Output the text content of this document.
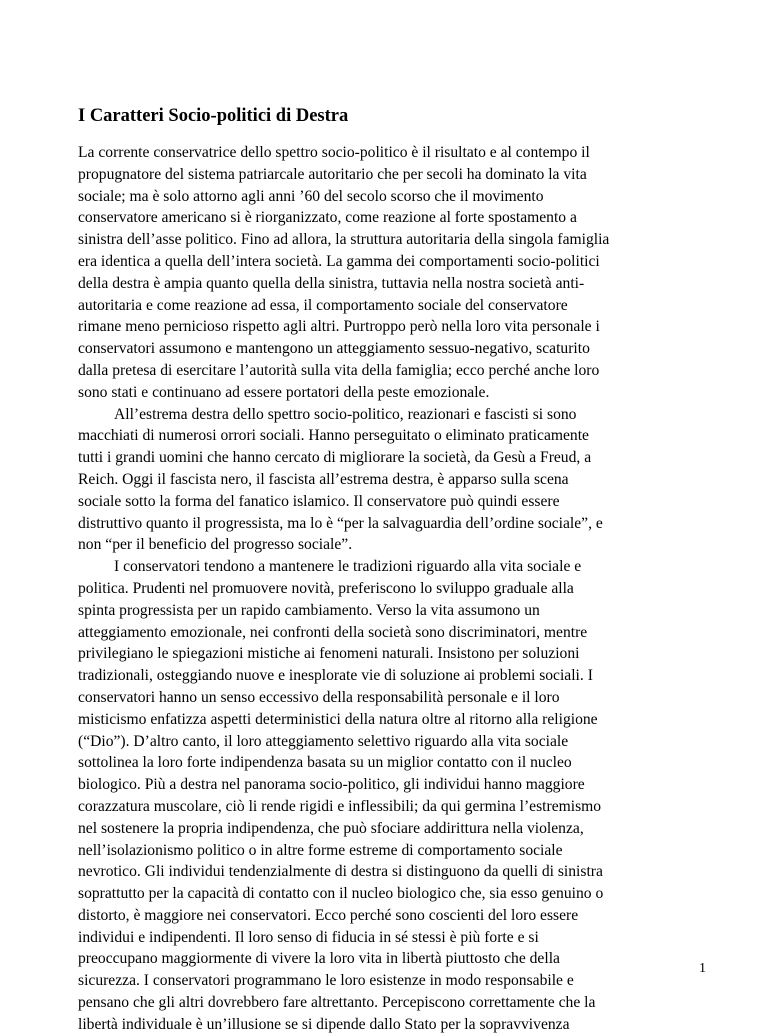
I Caratteri Socio-politici di Destra
La corrente conservatrice dello spettro socio-politico è il risultato e al contempo il
propugnatore del sistema patriarcale autoritario che per secoli ha dominato la vita
sociale; ma è solo attorno agli anni ’60 del secolo scorso che il movimento
conservatore americano si è riorganizzato, come reazione al forte spostamento a
sinistra dell’asse politico. Fino ad allora, la struttura autoritaria della singola famiglia
era identica a quella dell’intera società. La gamma dei comportamenti socio-politici
della destra è ampia quanto quella della sinistra, tuttavia nella nostra società anti-
autoritaria e come reazione ad essa, il comportamento sociale del conservatore
rimane meno pernicioso rispetto agli altri. Purtroppo però nella loro vita personale i
conservatori assumono e mantengono un atteggiamento sessuo-negativo, scaturito
dalla pretesa di esercitare l’autorità sulla vita della famiglia; ecco perché anche loro
sono stati e continuano ad essere portatori della peste emozionale.
All’estrema destra dello spettro socio-politico, reazionari e fascisti si sono
macchiati di numerosi orrori sociali. Hanno perseguitato o eliminato praticamente
tutti i grandi uomini che hanno cercato di migliorare la società, da Gesù a Freud, a
Reich. Oggi il fascista nero, il fascista all’estrema destra, è apparso sulla scena
sociale sotto la forma del fanatico islamico. Il conservatore può quindi essere
distruttivo quanto il progressista, ma lo è “per la salvaguardia dell’ordine sociale”, e
non “per il beneficio del progresso sociale”.
I conservatori tendono a mantenere le tradizioni riguardo alla vita sociale e
politica. Prudenti nel promuovere novità, preferiscono lo sviluppo graduale alla
spinta progressista per un rapido cambiamento. Verso la vita assumono un
atteggiamento emozionale, nei confronti della società sono discriminatori, mentre
privilegiano le spiegazioni mistiche ai fenomeni naturali. Insistono per soluzioni
tradizionali, osteggiando nuove e inesplorate vie di soluzione ai problemi sociali. I
conservatori hanno un senso eccessivo della responsabilità personale e il loro
misticismo enfatizza aspetti deterministici della natura oltre al ritorno alla religione
(“Dio”). D’altro canto, il loro atteggiamento selettivo riguardo alla vita sociale
sottolinea la loro forte indipendenza basata su un miglior contatto con il nucleo
biologico. Più a destra nel panorama socio-politico, gli individui hanno maggiore
corazzatura muscolare, ciò li rende rigidi e inflessibili; da qui germina l’estremismo
nel sostenere la propria indipendenza, che può sfociare addirittura nella violenza,
nell’isolazionismo politico o in altre forme estreme di comportamento sociale
nevrotico. Gli individui tendenzialmente di destra si distinguono da quelli di sinistra
soprattutto per la capacità di contatto con il nucleo biologico che, sia esso genuino o
distorto, è maggiore nei conservatori. Ecco perché sono coscienti del loro essere
individui e indipendenti. Il loro senso di fiducia in sé stessi è più forte e si
preoccupano maggiormente di vivere la loro vita in libertà piuttosto che della
sicurezza. I conservatori programmano le loro esistenze in modo responsabile e
pensano che gli altri dovrebbero fare altrettanto. Percepiscono correttamente che la
libertà individuale è un’illusione se si dipende dallo Stato per la sopravvivenza
1
